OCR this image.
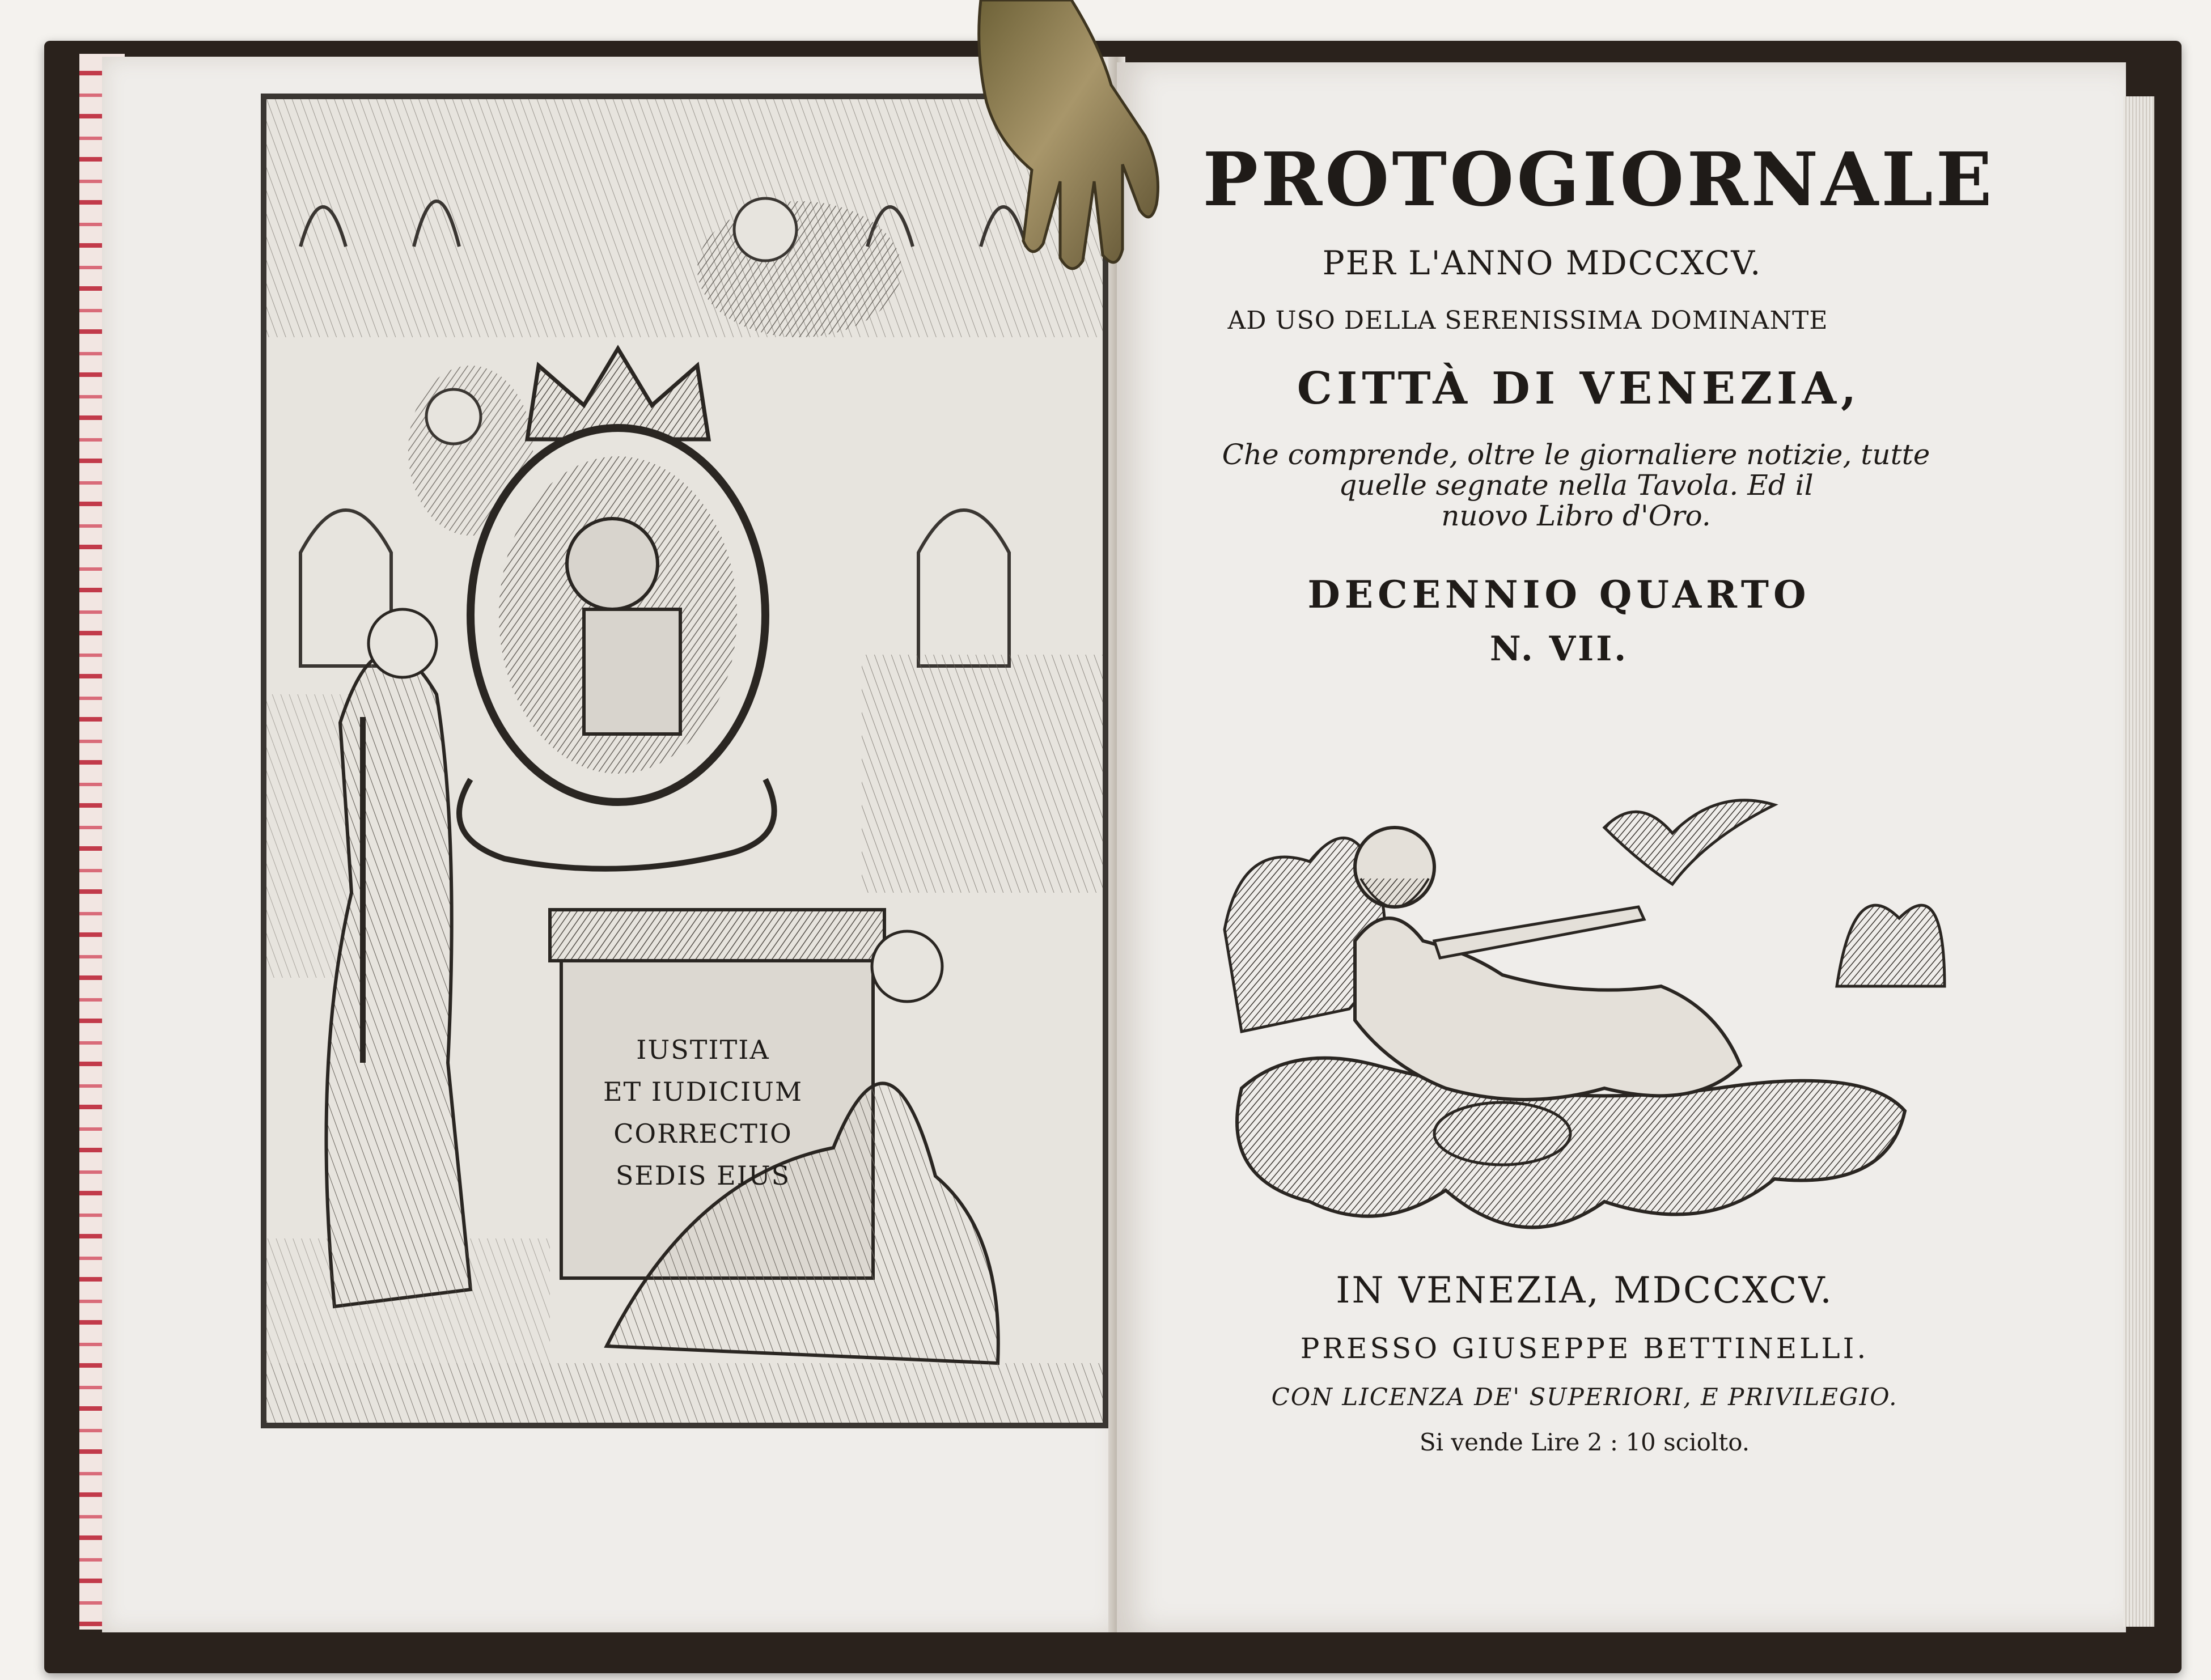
IUSTITIA
ET IUDICIUM
CORRECTIO
SEDIS EIUS
PROTOGIORNALE
PER L'ANNO MDCCXCV.
AD USO DELLA SERENISSIMA DOMINANTE
CITTÀ DI VENEZIA,
Che comprende, oltre le giornaliere notizie, tutte
quelle segnate nella Tavola. Ed il
nuovo Libro d'Oro.
DECENNIO QUARTO
N. VII.
IN VENEZIA, MDCCXCV.
PRESSO GIUSEPPE BETTINELLI.
CON LICENZA DE' SUPERIORI, E PRIVILEGIO.
Si vende Lire 2 : 10 sciolto.
